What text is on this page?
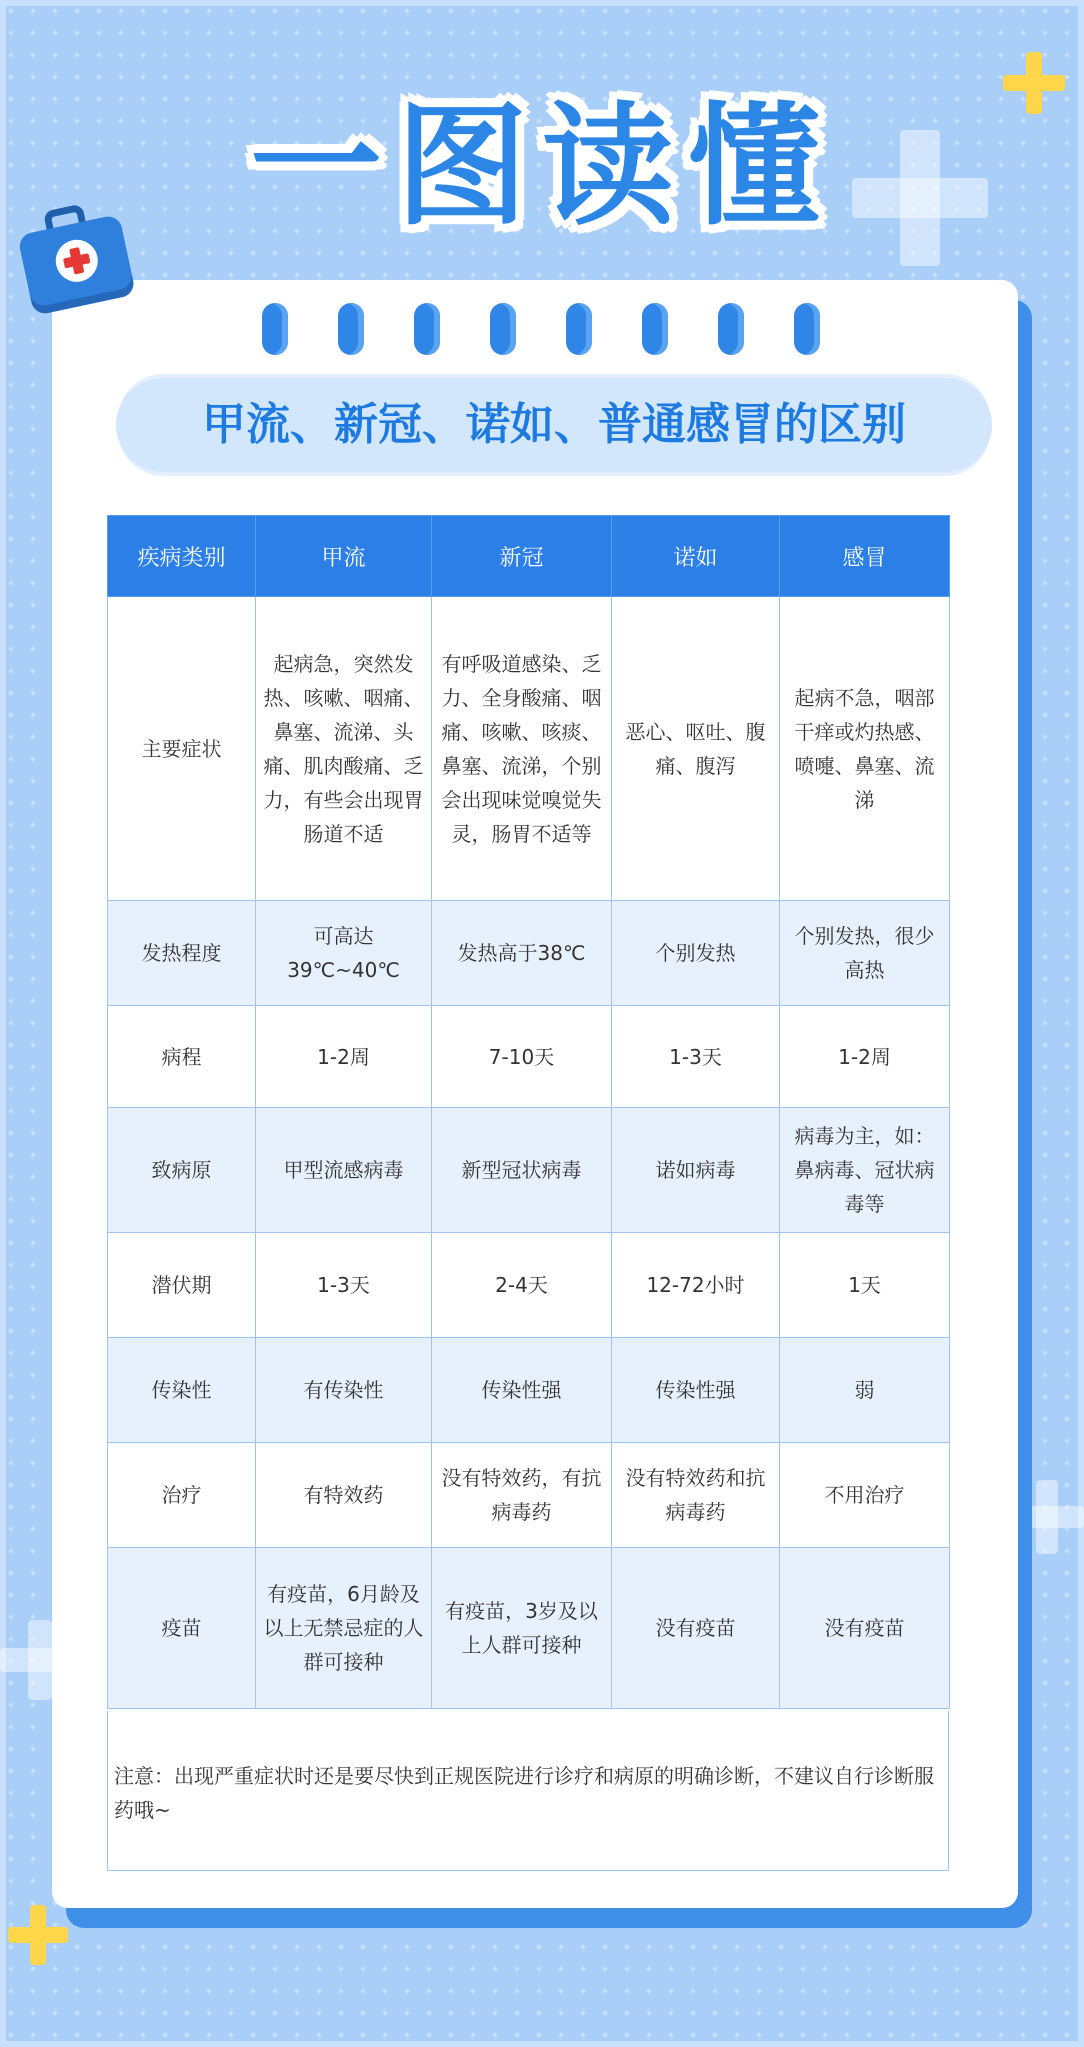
一图读懂
甲流、新冠、诺如、普通感冒的区别
疾病类别	甲流	新冠	诺如	感冒
主要症状	起病急，突然发热、咳嗽、咽痛、鼻塞、流涕、头痛、肌肉酸痛、乏力，有些会出现胃肠道不适	有呼吸道感染、乏力、全身酸痛、咽痛、咳嗽、咳痰、鼻塞、流涕，个别会出现味觉嗅觉失灵，肠胃不适等	恶心、呕吐、腹痛、腹泻	起病不急，咽部干痒或灼热感、喷嚏、鼻塞、流涕
发热程度	可高达39℃~40℃	发热高于38℃	个别发热	个别发热，很少高热
病程	1-2周	7-10天	1-3天	1-2周
致病原	甲型流感病毒	新型冠状病毒	诺如病毒	病毒为主，如：鼻病毒、冠状病毒等
潜伏期	1-3天	2-4天	12-72小时	1天
传染性	有传染性	传染性强	传染性强	弱
治疗	有特效药	没有特效药，有抗病毒药	没有特效药和抗病毒药	不用治疗
疫苗	有疫苗，6月龄及以上无禁忌症的人群可接种	有疫苗，3岁及以上人群可接种	没有疫苗	没有疫苗
注意：出现严重症状时还是要尽快到正规医院进行诊疗和病原的明确诊断，不建议自行诊断服药哦~
